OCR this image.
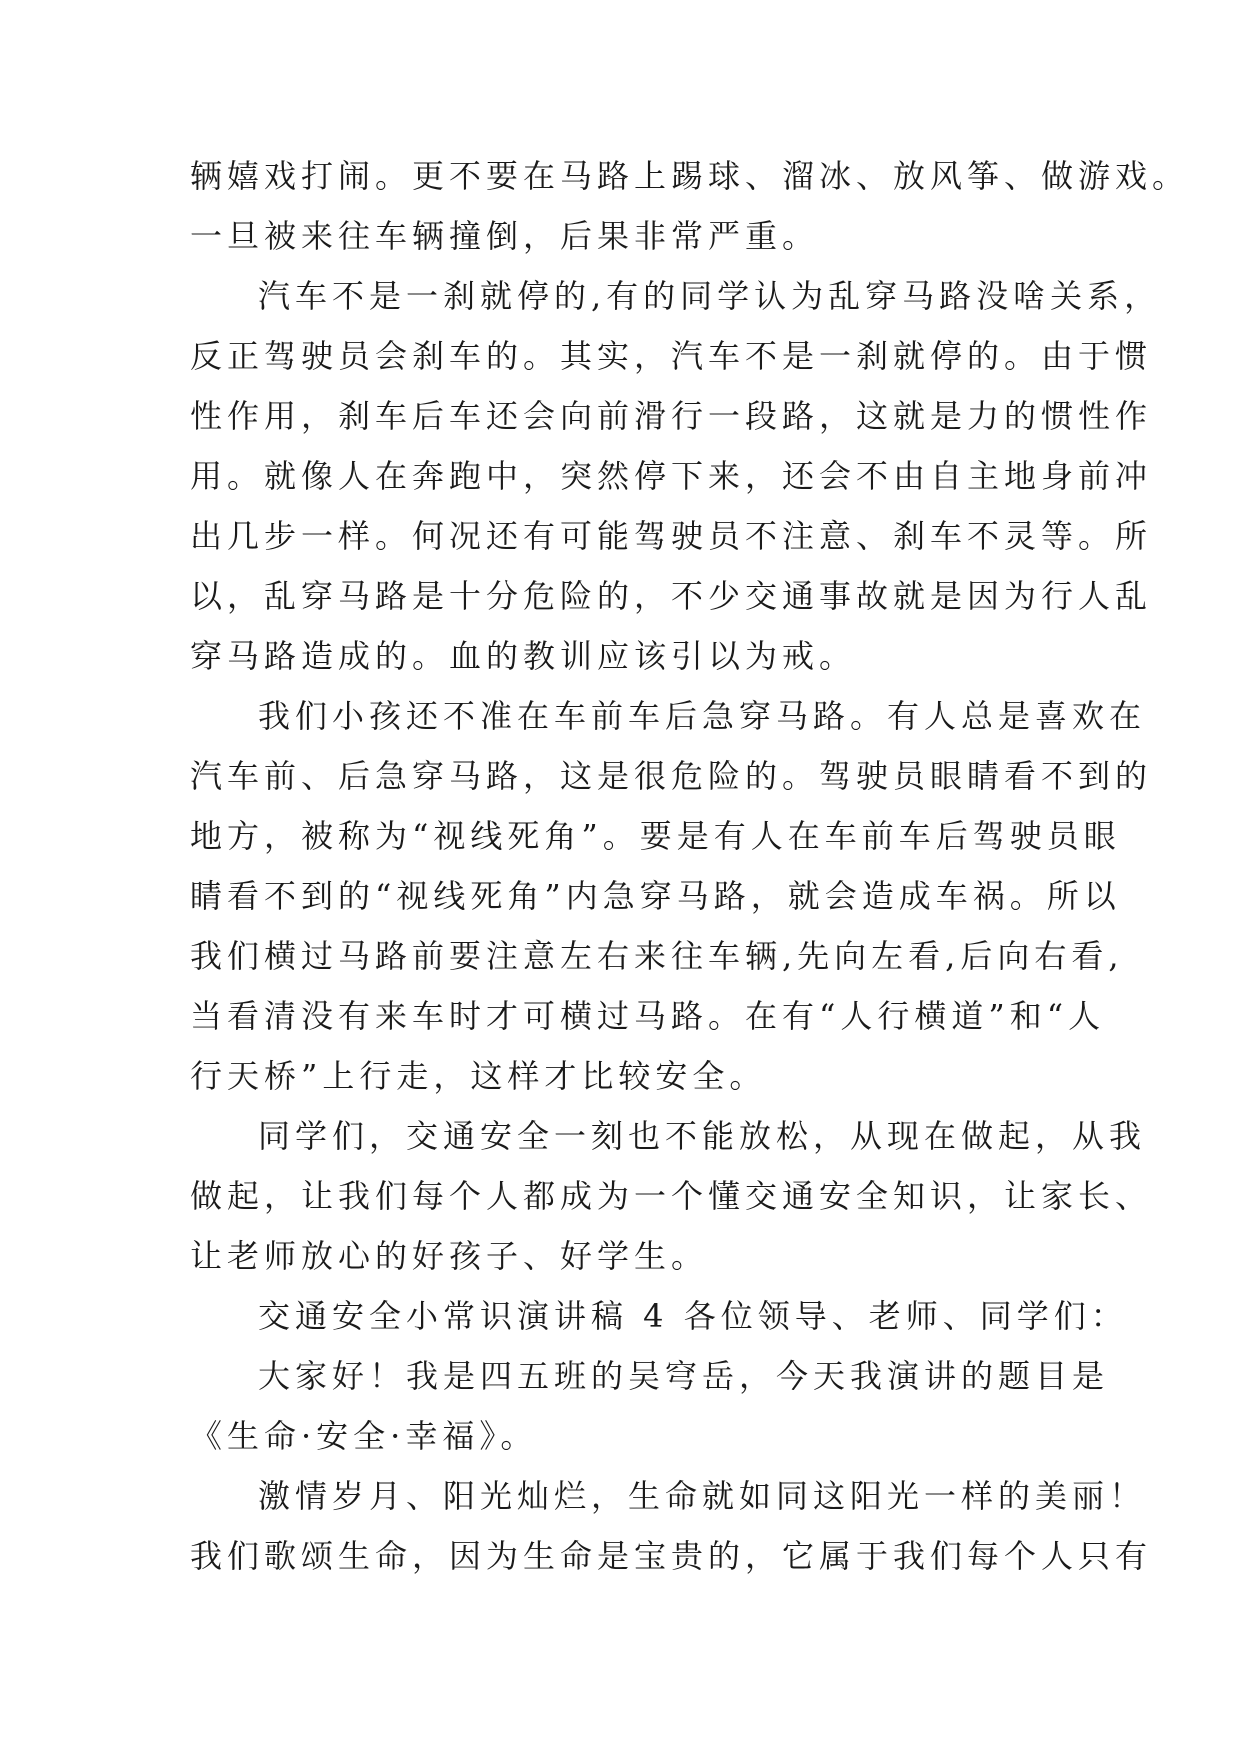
辆嬉戏打闹。更不要在马路上踢球、溜冰、放风筝、做游戏。
一旦被来往车辆撞倒，后果非常严重。
汽车不是一刹就停的,有的同学认为乱穿马路没啥关系，
反正驾驶员会刹车的。其实，汽车不是一刹就停的。由于惯
性作用，刹车后车还会向前滑行一段路，这就是力的惯性作
用。就像人在奔跑中，突然停下来，还会不由自主地身前冲
出几步一样。何况还有可能驾驶员不注意、刹车不灵等。所
以，乱穿马路是十分危险的，不少交通事故就是因为行人乱
穿马路造成的。血的教训应该引以为戒。
我们小孩还不准在车前车后急穿马路。有人总是喜欢在
汽车前、后急穿马路，这是很危险的。驾驶员眼睛看不到的
地方，被称为“视线死角”。要是有人在车前车后驾驶员眼
睛看不到的“视线死角”内急穿马路，就会造成车祸。所以
我们横过马路前要注意左右来往车辆,先向左看,后向右看,
当看清没有来车时才可横过马路。在有“人行横道”和“人
行天桥”上行走，这样才比较安全。
同学们，交通安全一刻也不能放松，从现在做起，从我
做起，让我们每个人都成为一个懂交通安全知识，让家长、
让老师放心的好孩子、好学生。
交通安全小常识演讲稿 4 各位领导、老师、同学们：
大家好！我是四五班的吴穹岳，今天我演讲的题目是
《生命·安全·幸福》。
激情岁月、阳光灿烂，生命就如同这阳光一样的美丽！
我们歌颂生命，因为生命是宝贵的，它属于我们每个人只有
